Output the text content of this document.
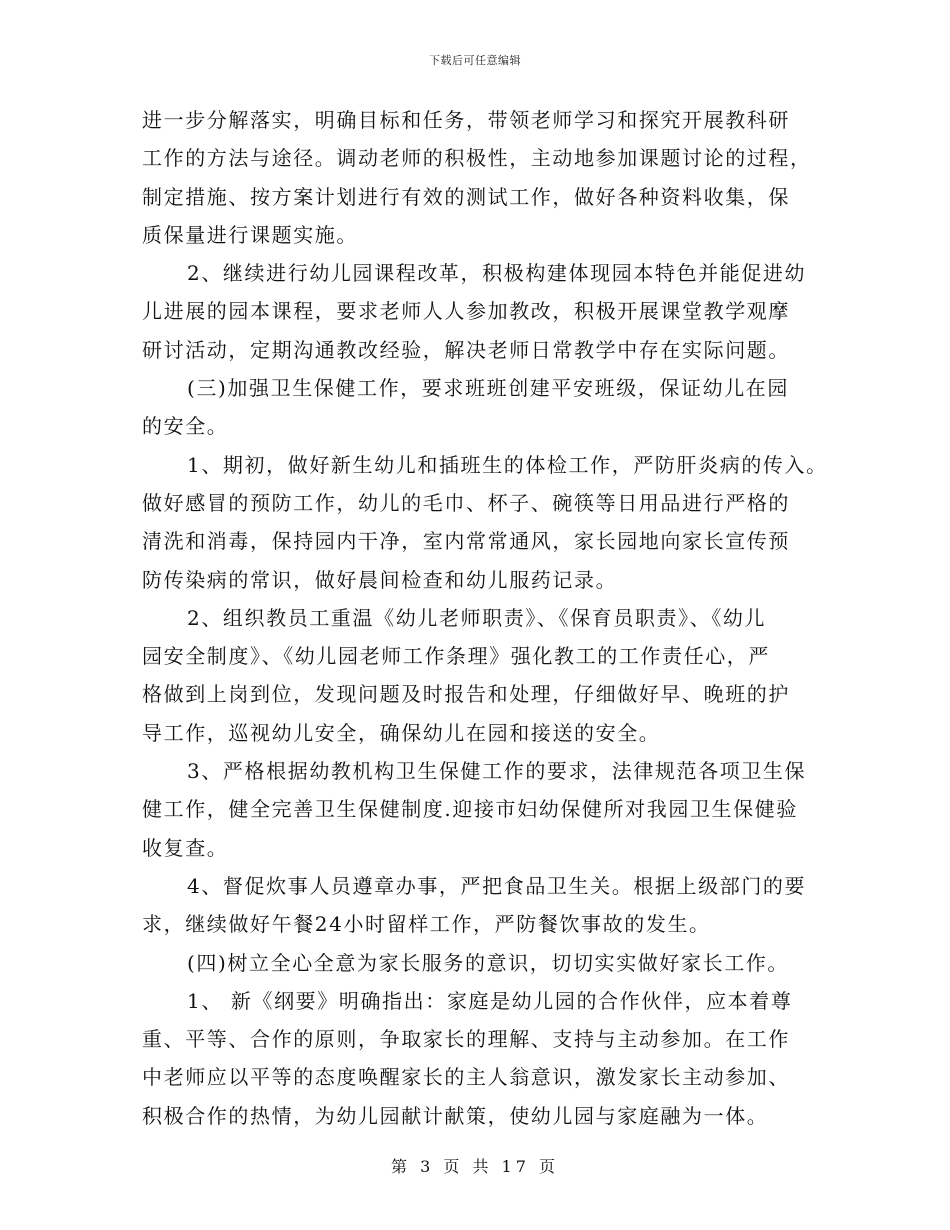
下载后可任意编辑
进一步分解落实，明确目标和任务，带领老师学习和探究开展教科研
工作的方法与途径。调动老师的积极性，主动地参加课题讨论的过程，
制定措施、按方案计划进行有效的测试工作，做好各种资料收集，保
质保量进行课题实施。
2、继续进行幼儿园课程改革，积极构建体现园本特色并能促进幼
儿进展的园本课程，要求老师人人参加教改，积极开展课堂教学观摩
研讨活动，定期沟通教改经验，解决老师日常教学中存在实际问题。
(三)加强卫生保健工作，要求班班创建平安班级，保证幼儿在园
的安全。
1、期初，做好新生幼儿和插班生的体检工作，严防肝炎病的传入。
做好感冒的预防工作，幼儿的毛巾、杯子、碗筷等日用品进行严格的
清洗和消毒，保持园内干净，室内常常通风，家长园地向家长宣传预
防传染病的常识，做好晨间检查和幼儿服药记录。
2、组织教员工重温《幼儿老师职责》、《保育员职责》、《幼儿
园安全制度》、《幼儿园老师工作条理》强化教工的工作责任心，严
格做到上岗到位，发现问题及时报告和处理，仔细做好早、晚班的护
导工作，巡视幼儿安全，确保幼儿在园和接送的安全。
3、严格根据幼教机构卫生保健工作的要求，法律规范各项卫生保
健工作，健全完善卫生保健制度.迎接市妇幼保健所对我园卫生保健验
收复查。
4、督促炊事人员遵章办事，严把食品卫生关。根据上级部门的要
求，继续做好午餐24小时留样工作，严防餐饮事故的发生。
(四)树立全心全意为家长服务的意识，切切实实做好家长工作。
1、 新《纲要》明确指出：家庭是幼儿园的合作伙伴，应本着尊
重、平等、合作的原则，争取家长的理解、支持与主动参加。在工作
中老师应以平等的态度唤醒家长的主人翁意识，激发家长主动参加、
积极合作的热情，为幼儿园献计献策，使幼儿园与家庭融为一体。
第 3 页 共 17 页
